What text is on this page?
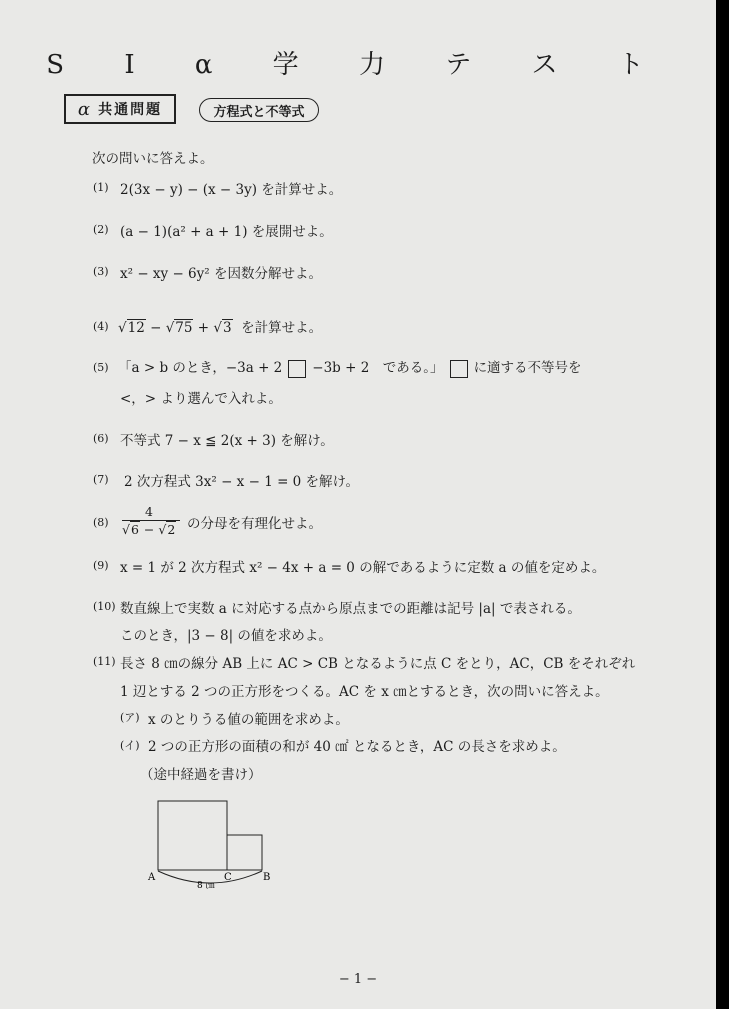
S I α 学 力 テ ス ト
α 共通問題	方程式と不等式
次の問いに答えよ。
(1) 2(3x − y) − (x − 3y) を計算せよ。
(2) (a − 1)(a² + a + 1) を展開せよ。
(3) x² − xy − 6y² を因数分解せよ。
(4) √12 − √75 + √3 を計算せよ。
(5) 「a > b のとき，−3a + 2 −3b + 2　である。」 に適する不等号を
<，> より選んで入れよ。
(6) 不等式 7 − x ≦ 2(x + 3) を解け。
(7) 2 次方程式 3x² − x − 1 = 0 を解け。
(8)
4
√6 − √2 の分母を有理化せよ。
(9) x = 1 が 2 次方程式 x² − 4x + a = 0 の解であるように定数 a の値を定めよ。
(10) 数直線上で実数 a に対応する点から原点までの距離は記号 |a| で表される。
このとき，|3 − 8| の値を求めよ。
(11) 長さ 8 ㎝の線分 AB 上に AC > CB となるように点 C をとり，AC，CB をそれぞれ
1 辺とする 2 つの正方形をつくる。AC を x ㎝とするとき，次の問いに答えよ。
(ア) x のとりうる値の範囲を求めよ。
(イ) 2 つの正方形の面積の和が 40 ㎠ となるとき，AC の長さを求めよ。
（途中経過を書け）
A	C	B
8 ㎝
− 1 −
